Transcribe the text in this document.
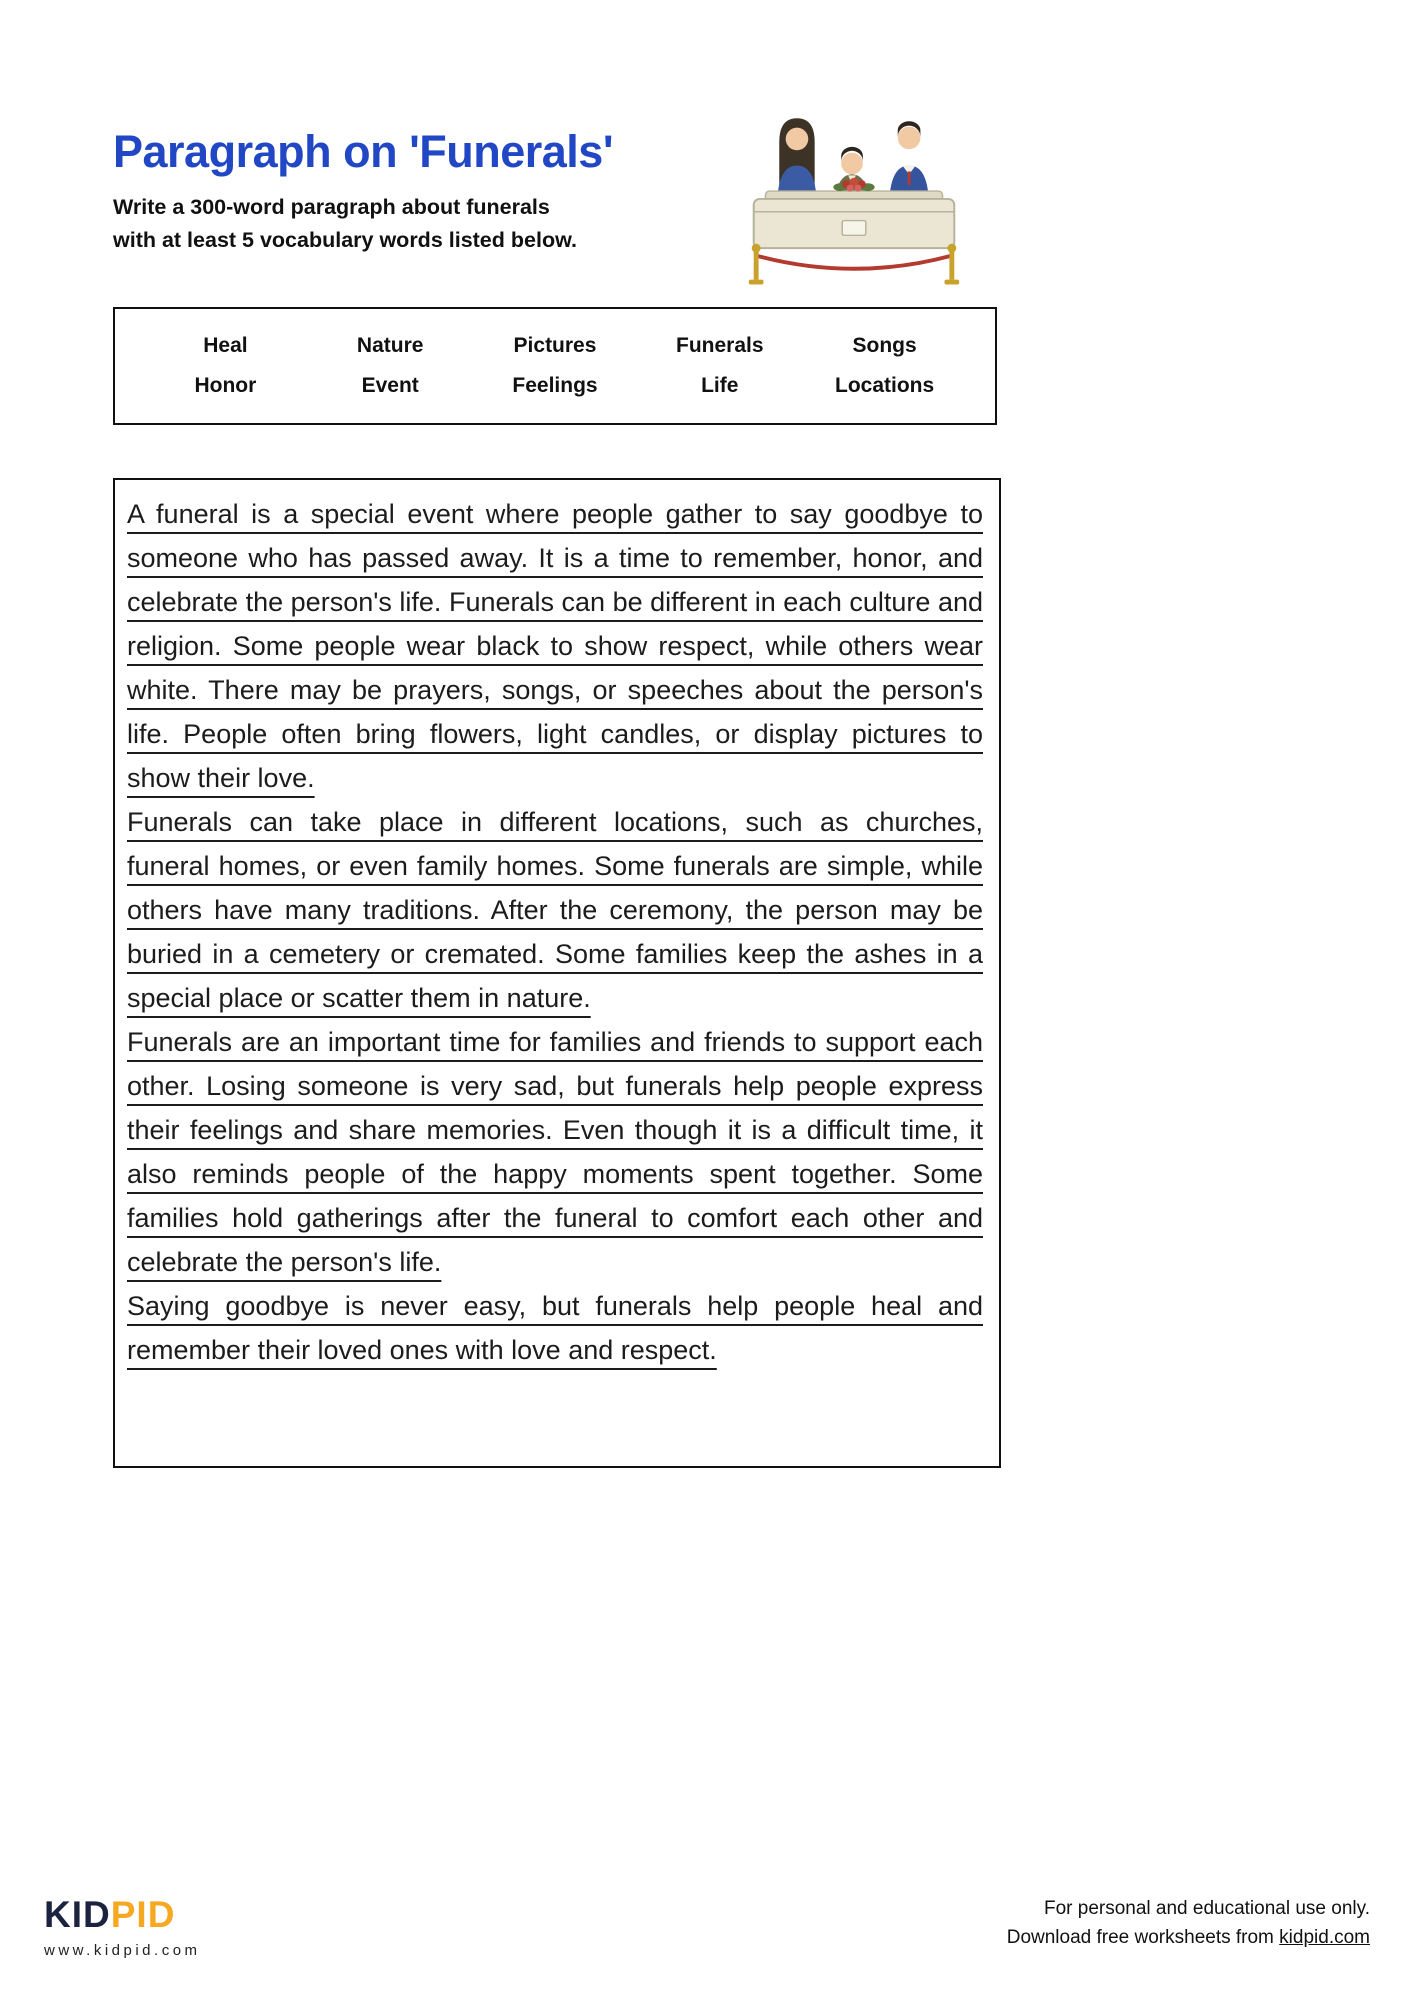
Paragraph on 'Funerals'
Write a 300-word paragraph about funerals
with at least 5 vocabulary words listed below.
Heal	Nature	Pictures	Funerals	Songs
Honor	Event	Feelings	Life	Locations

A funeral is a special event where people gather to say goodbye to someone who has passed away. It is a time to remember, honor, and celebrate the person's life. Funerals can be different in each culture and religion. Some people wear black to show respect, while others wear white. There may be prayers, songs, or speeches about the person's life. People often bring flowers, light candles, or display pictures to show their love.

Funerals can take place in different locations, such as churches, funeral homes, or even family homes. Some funerals are simple, while others have many traditions. After the ceremony, the person may be buried in a cemetery or cremated. Some families keep the ashes in a special place or scatter them in nature.

Funerals are an important time for families and friends to support each other. Losing someone is very sad, but funerals help people express their feelings and share memories. Even though it is a difficult time, it also reminds people of the happy moments spent together. Some families hold gatherings after the funeral to comfort each other and celebrate the person's life.

Saying goodbye is never easy, but funerals help people heal and remember their loved ones with love and respect.

KIDPID
www.kidpid.com
For personal and educational use only.
Download free worksheets from kidpid.com
